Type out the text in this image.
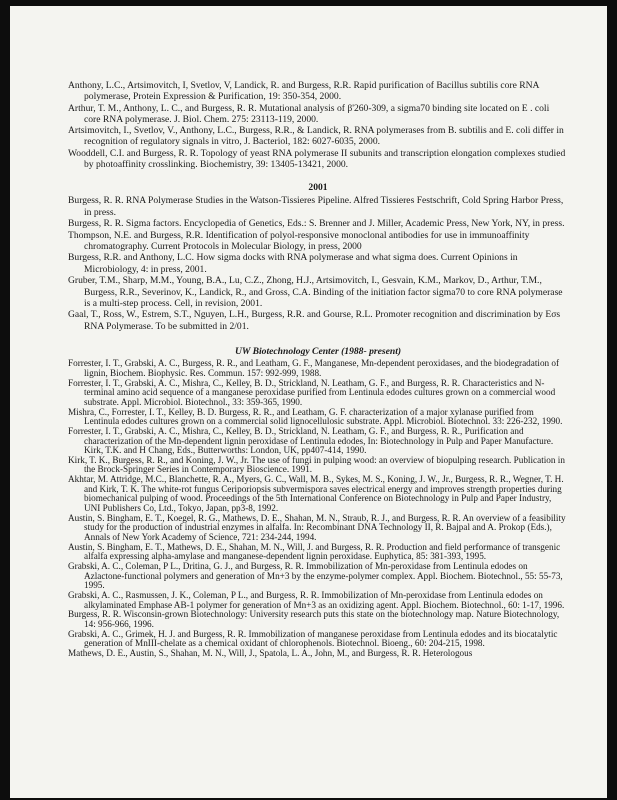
Anthony, L.C., Artsimovitch, I, Svetlov, V, Landick, R. and Burgess, R.R. Rapid purification of Bacillus subtilis core RNA polymerase, Protein Expression & Purification, 19: 350-354, 2000.

Arthur, T. M., Anthony, L. C., and Burgess, R. R. Mutational analysis of β'260-309, a sigma70 binding site located on E . coli core RNA polymerase. J. Biol. Chem. 275: 23113-119, 2000.

Artsimovitch, I., Svetlov, V., Anthony, L.C., Burgess, R.R., & Landick, R. RNA polymerases from B. subtilis and E. coli differ in recognition of regulatory signals in vitro, J. Bacteriol, 182: 6027-6035, 2000.

Wooddell, C.I. and Burgess, R. R. Topology of yeast RNA polymerase II subunits and transcription elongation complexes studied by photoaffinity crosslinking. Biochemistry, 39: 13405-13421, 2000.

2001

Burgess, R. R. RNA Polymerase Studies in the Watson-Tissieres Pipeline. Alfred Tissieres Festschrift, Cold Spring Harbor Press, in press.

Burgess, R. R. Sigma factors. Encyclopedia of Genetics, Eds.: S. Brenner and J. Miller, Academic Press, New York, NY, in press.

Thompson, N.E. and Burgess, R.R. Identification of polyol-responsive monoclonal antibodies for use in immunoaffinity chromatography. Current Protocols in Molecular Biology, in press, 2000

Burgess, R.R. and Anthony, L.C. How sigma docks with RNA polymerase and what sigma does. Current Opinions in Microbiology, 4: in press, 2001.

Gruber, T.M., Sharp, M.M., Young, B.A., Lu, C.Z., Zhong, H.J., Artsimovitch, I., Gesvain, K.M., Markov, D., Arthur, T.M., Burgess, R.R., Severinov, K., Landick, R., and Gross, C.A. Binding of the initiation factor sigma70 to core RNA polymerase is a multi-step process. Cell, in revision, 2001.

Gaal, T., Ross, W., Estrem, S.T., Nguyen, L.H., Burgess, R.R. and Gourse, R.L. Promoter recognition and discrimination by Eσs RNA Polymerase. To be submitted in 2/01.

UW Biotechnology Center (1988- present)

Forrester, I. T., Grabski, A. C., Burgess, R. R., and Leatham, G. F., Manganese, Mn-dependent peroxidases, and the biodegradation of lignin, Biochem. Biophysic. Res. Commun. 157: 992-999, 1988.

Forrester, I. T., Grabski, A. C., Mishra, C., Kelley, B. D., Strickland, N. Leatham, G. F., and Burgess, R. R. Characteristics and N-terminal amino acid sequence of a manganese peroxidase purified from Lentinula edodes cultures grown on a commercial wood substrate. Appl. Microbiol. Biotechnol., 33: 359-365, 1990.

Mishra, C., Forrester, I. T., Kelley, B. D. Burgess, R. R., and Leatham, G. F. characterization of a major xylanase purified from Lentinula edodes cultures grown on a commercial solid lignocellulosic substrate. Appl. Microbiol. Biotechnol. 33: 226-232, 1990.

Forrester, I. T., Grabski, A. C., Mishra, C., Kelley, B. D., Strickland, N. Leatham, G. F., and Burgess, R. R., Purification and characterization of the Mn-dependent lignin peroxidase of Lentinula edodes, In: Biotechnology in Pulp and Paper Manufacture. Kirk, T.K. and H Chang, Eds., Butterworths: London, UK, pp407-414, 1990.

Kirk, T. K., Burgess, R. R., and Koning, J. W., Jr. The use of fungi in pulping wood: an overview of biopulping research. Publication in the Brock-Springer Series in Contemporary Bioscience. 1991.

Akhtar, M. Attridge, M.C., Blanchette, R. A., Myers, G. C., Wall, M. B., Sykes, M. S., Koning, J. W., Jr., Burgess, R. R., Wegner, T. H. and Kirk, T. K. The white-rot fungus Ceriporiopsis subvermispora saves electrical energy and improves strength properties during biomechanical pulping of wood. Proceedings of the 5th International Conference on Biotechnology in Pulp and Paper Industry, UNI Publishers Co, Ltd., Tokyo, Japan, pp3-8, 1992.

Austin, S. Bingham, E. T., Koegel, R. G., Mathews, D. E., Shahan, M. N., Straub, R. J., and Burgess, R. R. An overview of a feasibility study for the production of industrial enzymes in alfalfa. In: Recombinant DNA Technology II, R. Bajpal and A. Prokop (Eds.), Annals of New York Academy of Science, 721: 234-244, 1994.

Austin, S. Bingham, E. T., Mathews, D. E., Shahan, M. N., Will, J. and Burgess, R. R. Production and field performance of transgenic alfalfa expressing alpha-amylase and manganese-dependent lignin peroxidase. Euphytica, 85: 381-393, 1995.

Grabski, A. C., Coleman, P L., Dritina, G. J., and Burgess, R. R. Immobilization of Mn-peroxidase from Lentinula edodes on Azlactone-functional polymers and generation of Mn+3 by the enzyme-polymer complex. Appl. Biochem. Biotechnol., 55: 55-73, 1995.

Grabski, A. C., Rasmussen, J. K., Coleman, P L., and Burgess, R. R. Immobilization of Mn-peroxidase from Lentinula edodes on alkylaminated Emphase AB-1 polymer for generation of Mn+3 as an oxidizing agent. Appl. Biochem. Biotechnol., 60: 1-17, 1996.

Burgess, R. R. Wisconsin-grown Biotechnology: University research puts this state on the biotechnology map. Nature Biotechnology, 14: 956-966, 1996.

Grabski, A. C., Grimek, H. J. and Burgess, R. R. Immobilization of manganese peroxidase from Lentinula edodes and its biocatalytic generation of MnIII-chelate as a chemical oxidant of chlorophenols. Biotechnol. Bioeng., 60: 204-215, 1998.

Mathews, D. E., Austin, S., Shahan, M. N., Will, J., Spatola, L. A., John, M., and Burgess, R. R. Heterologous
